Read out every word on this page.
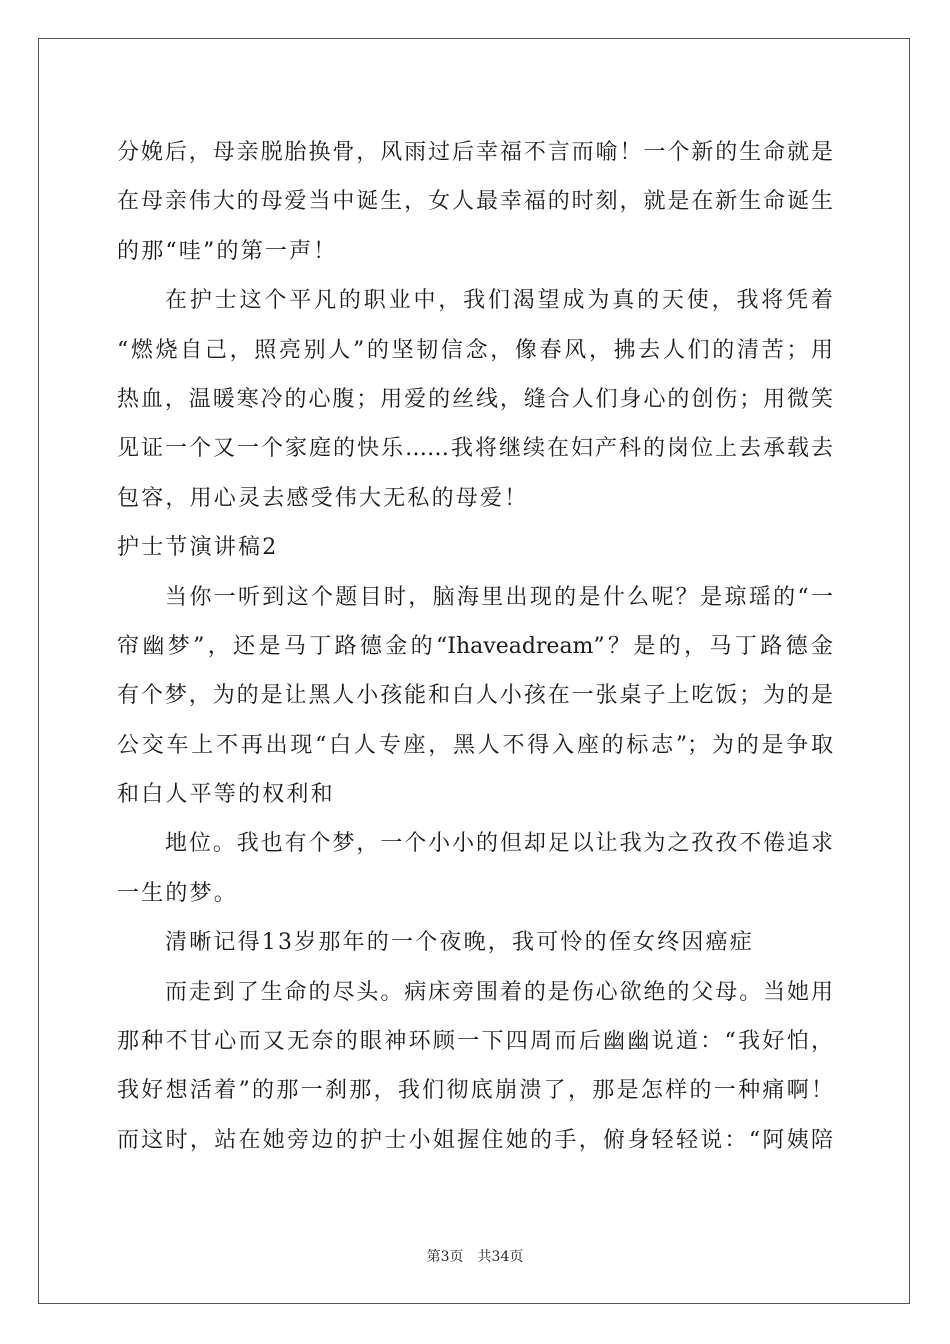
分娩后，母亲脱胎换骨，风雨过后幸福不言而喻！一个新的生命就是
在母亲伟大的母爱当中诞生，女人最幸福的时刻，就是在新生命诞生
的那“哇”的第一声！
在护士这个平凡的职业中，我们渴望成为真的天使，我将凭着
“燃烧自己，照亮别人”的坚韧信念，像春风，拂去人们的清苦；用
热血，温暖寒冷的心腹；用爱的丝线，缝合人们身心的创伤；用微笑
见证一个又一个家庭的快乐……我将继续在妇产科的岗位上去承载去
包容，用心灵去感受伟大无私的母爱！
护士节演讲稿2
当你一听到这个题目时，脑海里出现的是什么呢？是琼瑶的“一
帘幽梦”，还是马丁路德金的“Ihaveadream”？是的，马丁路德金
有个梦，为的是让黑人小孩能和白人小孩在一张桌子上吃饭；为的是
公交车上不再出现“白人专座，黑人不得入座的标志”；为的是争取
和白人平等的权利和
地位。我也有个梦，一个小小的但却足以让我为之孜孜不倦追求
一生的梦。
清晰记得13岁那年的一个夜晚，我可怜的侄女终因癌症
而走到了生命的尽头。病床旁围着的是伤心欲绝的父母。当她用
那种不甘心而又无奈的眼神环顾一下四周而后幽幽说道：“我好怕，
我好想活着”的那一刹那，我们彻底崩溃了，那是怎样的一种痛啊！
而这时，站在她旁边的护士小姐握住她的手，俯身轻轻说：“阿姨陪
第3页 共34页
